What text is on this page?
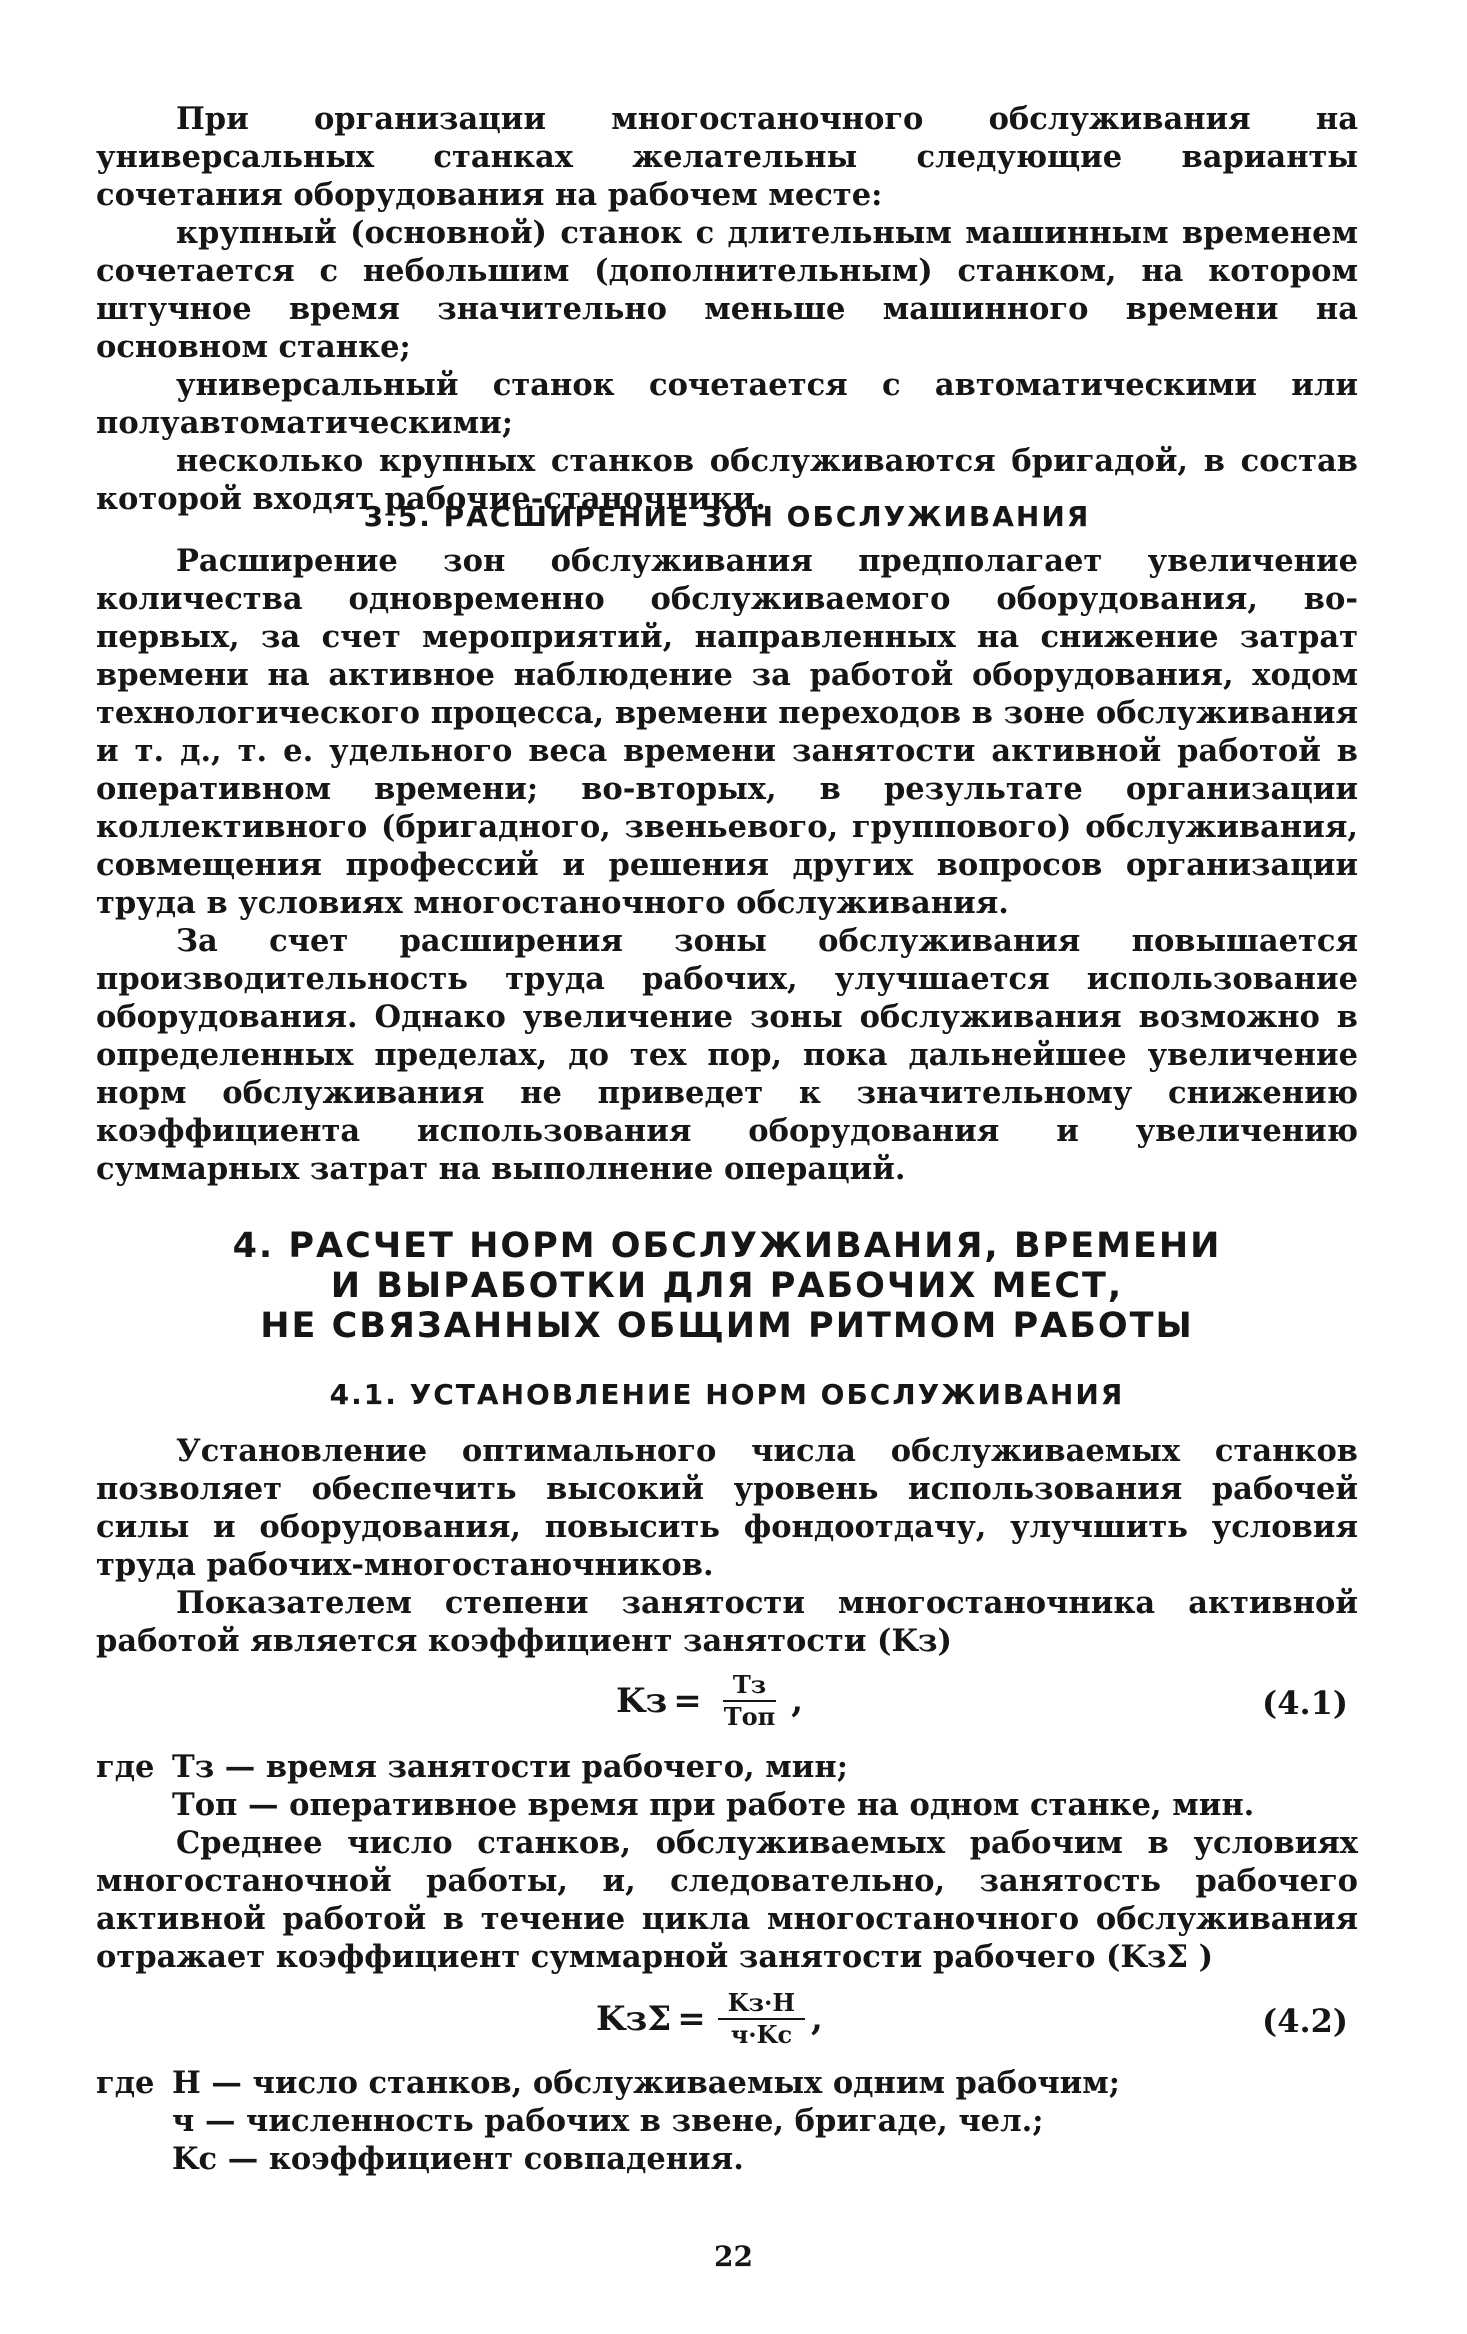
При организации многостаночного обслуживания на универсальных станках желательны следующие варианты сочетания оборудования на рабочем месте:

крупный (основной) станок с длительным машинным временем сочетается с небольшим (дополнительным) станком, на котором штучное время значительно меньше машинного времени на основном станке;

универсальный станок сочетается с автоматическими или полуавтоматическими;

несколько крупных станков обслуживаются бригадой, в состав которой входят рабочие-станочники.

3.5. РАСШИРЕНИЕ ЗОН ОБСЛУЖИВАНИЯ

Расширение зон обслуживания предполагает увеличение количества одновременно обслуживаемого оборудования, во-первых, за счет мероприятий, направленных на снижение затрат времени на активное наблюдение за работой оборудования, ходом технологического процесса, времени переходов в зоне обслуживания и т. д., т. е. удельного веса времени занятости активной работой в оперативном времени; во-вторых, в результате организации коллективного (бригадного, звеньевого, группового) обслуживания, совмещения профессий и решения других вопросов организации труда в условиях многостаночного обслуживания.

За счет расширения зоны обслуживания повышается производительность труда рабочих, улучшается использование оборудования. Однако увеличение зоны обслуживания возможно в определенных пределах, до тех пор, пока дальнейшее увеличение норм обслуживания не приведет к значительному снижению коэффициента использования оборудования и увеличению суммарных затрат на выполнение операций.

4. РАСЧЕТ НОРМ ОБСЛУЖИВАНИЯ, ВРЕМЕНИ

И ВЫРАБОТКИ ДЛЯ РАБОЧИХ МЕСТ,

НЕ СВЯЗАННЫХ ОБЩИМ РИТМОМ РАБОТЫ

4.1. УСТАНОВЛЕНИЕ НОРМ ОБСЛУЖИВАНИЯ

Установление оптимального числа обслуживаемых станков позволяет обеспечить высокий уровень использования рабочей силы и оборудования, повысить фондоотдачу, улучшить условия труда рабочих-многостаночников.

Показателем степени занятости многостаночника активной работой является коэффициент занятости (Kз)

Kз = $\frac{Tз}{\text{Tоп}}$ ,	(4.1)
где Tз — время занятости рабочего, мин;
Tоп — оперативное время при работе на одном станке, мин.

Среднее число станков, обслуживаемых рабочим в условиях многостаночной работы, и, следовательно, занятость рабочего активной работой в течение цикла многостаночного обслуживания отражает коэффициент суммарной занятости рабочего (KзΣ )

$Kз\Sigma = \frac{Kз\cdot H}{ч\cdot Kс}$ ,	(4.2)
где H — число станков, обслуживаемых одним рабочим;
ч — численность рабочих в звене, бригаде, чел.;
Kс — коэффициент совпадения.
22
